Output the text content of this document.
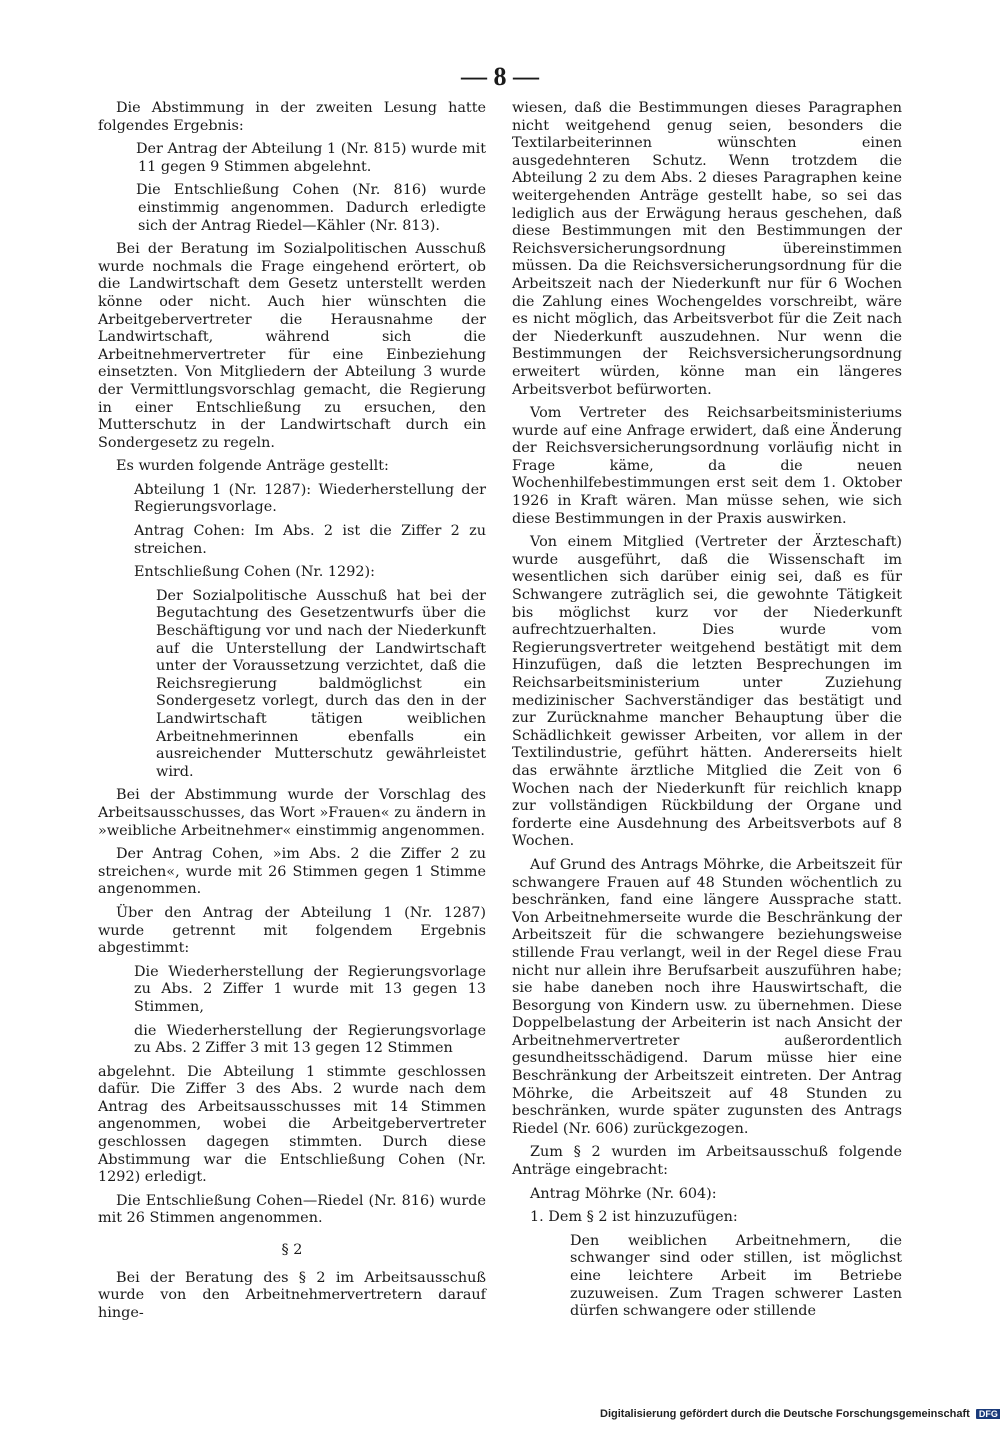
— 8 —

Die Abstimmung in der zweiten Lesung hatte folgendes Ergebnis:

Der Antrag der Abteilung 1 (Nr. 815) wurde mit 11 gegen 9 Stimmen abgelehnt.

Die Entschließung Cohen (Nr. 816) wurde einstimmig angenommen. Dadurch erledigte sich der Antrag Riedel—Kähler (Nr. 813).

Bei der Beratung im Sozialpolitischen Ausschuß wurde nochmals die Frage eingehend erörtert, ob die Landwirtschaft dem Gesetz unterstellt werden könne oder nicht. Auch hier wünschten die Arbeitgebervertreter die Herausnahme der Landwirtschaft, während sich die Arbeitnehmervertreter für eine Einbeziehung einsetzten. Von Mitgliedern der Abteilung 3 wurde der Vermittlungsvorschlag gemacht, die Regierung in einer Entschließung zu ersuchen, den Mutterschutz in der Landwirtschaft durch ein Sondergesetz zu regeln.

Es wurden folgende Anträge gestellt:

Abteilung 1 (Nr. 1287): Wiederherstellung der Regierungsvorlage.

Antrag Cohen: Im Abs. 2 ist die Ziffer 2 zu streichen.

Entschließung Cohen (Nr. 1292):

Der Sozialpolitische Ausschuß hat bei der Begutachtung des Gesetzentwurfs über die Beschäftigung vor und nach der Niederkunft auf die Unterstellung der Landwirtschaft unter der Voraussetzung verzichtet, daß die Reichsregierung baldmöglichst ein Sondergesetz vorlegt, durch das den in der Landwirtschaft tätigen weiblichen Arbeitnehmerinnen ebenfalls ein ausreichender Mutterschutz gewährleistet wird.

Bei der Abstimmung wurde der Vorschlag des Arbeitsausschusses, das Wort »Frauen« zu ändern in »weibliche Arbeitnehmer« einstimmig angenommen.

Der Antrag Cohen, »im Abs. 2 die Ziffer 2 zu streichen«, wurde mit 26 Stimmen gegen 1 Stimme angenommen.

Über den Antrag der Abteilung 1 (Nr. 1287) wurde getrennt mit folgendem Ergebnis abgestimmt:

Die Wiederherstellung der Regierungsvorlage zu Abs. 2 Ziffer 1 wurde mit 13 gegen 13 Stimmen,

die Wiederherstellung der Regierungsvorlage zu Abs. 2 Ziffer 3 mit 13 gegen 12 Stimmen

abgelehnt. Die Abteilung 1 stimmte geschlossen dafür. Die Ziffer 3 des Abs. 2 wurde nach dem Antrag des Arbeitsausschusses mit 14 Stimmen angenommen, wobei die Arbeitgebervertreter geschlossen dagegen stimmten. Durch diese Abstimmung war die Entschließung Cohen (Nr. 1292) erledigt.

Die Entschließung Cohen—Riedel (Nr. 816) wurde mit 26 Stimmen angenommen.

§ 2

Bei der Beratung des § 2 im Arbeitsausschuß wurde von den Arbeitnehmervertretern darauf hinge-

wiesen, daß die Bestimmungen dieses Paragraphen nicht weitgehend genug seien, besonders die Textilarbeiterinnen wünschten einen ausgedehnteren Schutz. Wenn trotzdem die Abteilung 2 zu dem Abs. 2 dieses Paragraphen keine weitergehenden Anträge gestellt habe, so sei das lediglich aus der Erwägung heraus geschehen, daß diese Bestimmungen mit den Bestimmungen der Reichsversicherungsordnung übereinstimmen müssen. Da die Reichsversicherungsordnung für die Arbeitszeit nach der Niederkunft nur für 6 Wochen die Zahlung eines Wochengeldes vorschreibt, wäre es nicht möglich, das Arbeitsverbot für die Zeit nach der Niederkunft auszudehnen. Nur wenn die Bestimmungen der Reichsversicherungsordnung erweitert würden, könne man ein längeres Arbeitsverbot befürworten.

Vom Vertreter des Reichsarbeitsministeriums wurde auf eine Anfrage erwidert, daß eine Änderung der Reichsversicherungsordnung vorläufig nicht in Frage käme, da die neuen Wochenhilfebestimmungen erst seit dem 1. Oktober 1926 in Kraft wären. Man müsse sehen, wie sich diese Bestimmungen in der Praxis auswirken.

Von einem Mitglied (Vertreter der Ärzteschaft) wurde ausgeführt, daß die Wissenschaft im wesentlichen sich darüber einig sei, daß es für Schwangere zuträglich sei, die gewohnte Tätigkeit bis möglichst kurz vor der Niederkunft aufrechtzuerhalten. Dies wurde vom Regierungsvertreter weitgehend bestätigt mit dem Hinzufügen, daß die letzten Besprechungen im Reichsarbeitsministerium unter Zuziehung medizinischer Sachverständiger das bestätigt und zur Zurücknahme mancher Behauptung über die Schädlichkeit gewisser Arbeiten, vor allem in der Textilindustrie, geführt hätten. Andererseits hielt das erwähnte ärztliche Mitglied die Zeit von 6 Wochen nach der Niederkunft für reichlich knapp zur vollständigen Rückbildung der Organe und forderte eine Ausdehnung des Arbeitsverbots auf 8 Wochen.

Auf Grund des Antrags Möhrke, die Arbeitszeit für schwangere Frauen auf 48 Stunden wöchentlich zu beschränken, fand eine längere Aussprache statt. Von Arbeitnehmerseite wurde die Beschränkung der Arbeitszeit für die schwangere beziehungsweise stillende Frau verlangt, weil in der Regel diese Frau nicht nur allein ihre Berufsarbeit auszuführen habe; sie habe daneben noch ihre Hauswirtschaft, die Besorgung von Kindern usw. zu übernehmen. Diese Doppelbelastung der Arbeiterin ist nach Ansicht der Arbeitnehmervertreter außerordentlich gesundheitsschädigend. Darum müsse hier eine Beschränkung der Arbeitszeit eintreten. Der Antrag Möhrke, die Arbeitszeit auf 48 Stunden zu beschränken, wurde später zugunsten des Antrags Riedel (Nr. 606) zurückgezogen.

Zum § 2 wurden im Arbeitsausschuß folgende Anträge eingebracht:

Antrag Möhrke (Nr. 604):

1. Dem § 2 ist hinzuzufügen:

Den weiblichen Arbeitnehmern, die schwanger sind oder stillen, ist möglichst eine leichtere Arbeit im Betriebe zuzuweisen. Zum Tragen schwerer Lasten dürfen schwangere oder stillende

Digitalisierung gefördert durch die Deutsche Forschungsgemeinschaft DFG
